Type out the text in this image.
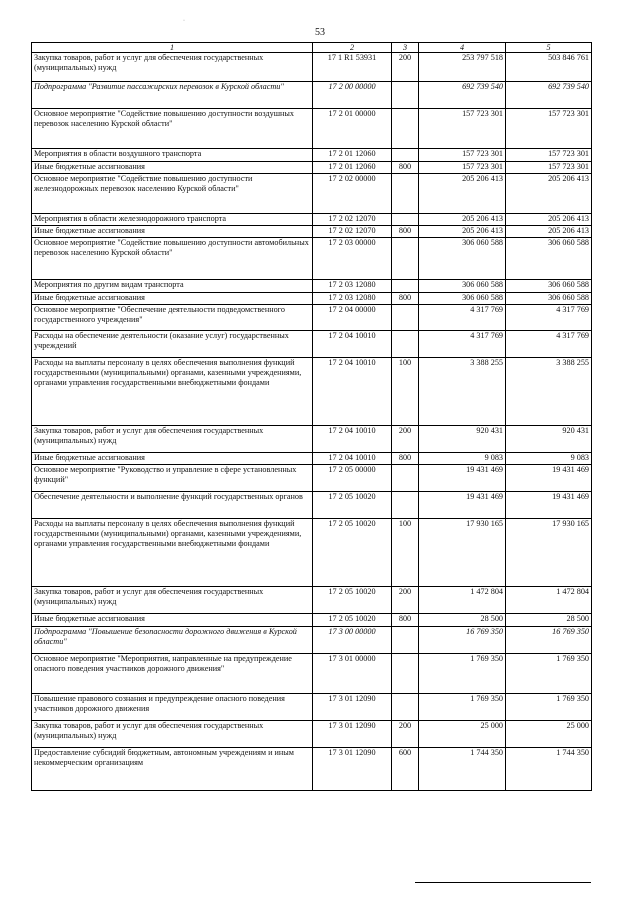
·
53
1	2	3	4	5
Закупка товаров, работ и услуг для обеспечения государственных (муниципальных) нужд	17 1 R1 53931	200	253 797 518	503 846 761
Подпрограмма "Развитие пассажирских перевозок в Курской области"	17 2 00 00000		692 739 540	692 739 540
Основное мероприятие "Содействие повышению доступности воздушных перевозок населению Курской области"	17 2 01 00000		157 723 301	157 723 301
Мероприятия в области воздушного транспорта	17 2 01 12060		157 723 301	157 723 301
Иные бюджетные ассигнования	17 2 01 12060	800	157 723 301	157 723 301
Основное мероприятие "Содействие повышению доступности железнодорожных перевозок населению Курской области"	17 2 02 00000		205 206 413	205 206 413
Мероприятия в области железнодорожного транспорта	17 2 02 12070		205 206 413	205 206 413
Иные бюджетные ассигнования	17 2 02 12070	800	205 206 413	205 206 413
Основное мероприятие "Содействие повышению доступности автомобильных перевозок населению Курской области"	17 2 03 00000		306 060 588	306 060 588
Мероприятия по другим видам транспорта	17 2 03 12080		306 060 588	306 060 588
Иные бюджетные ассигнования	17 2 03 12080	800	306 060 588	306 060 588
Основное мероприятие "Обеспечение деятельности подведомственного государственного учреждения"	17 2 04 00000		4 317 769	4 317 769
Расходы на обеспечение деятельности (оказание услуг) государственных учреждений	17 2 04 10010		4 317 769	4 317 769
Расходы на выплаты персоналу в целях обеспечения выполнения функций государственными (муниципальными) органами, казенными учреждениями, органами управления государственными внебюджетными фондами	17 2 04 10010	100	3 388 255	3 388 255
Закупка товаров, работ и услуг для обеспечения государственных (муниципальных) нужд	17 2 04 10010	200	920 431	920 431
Иные бюджетные ассигнования	17 2 04 10010	800	9 083	9 083
Основное мероприятие "Руководство и управление в сфере установленных функций"	17 2 05 00000		19 431 469	19 431 469
Обеспечение деятельности и выполнение функций государственных органов	17 2 05 10020		19 431 469	19 431 469
Расходы на выплаты персоналу в целях обеспечения выполнения функций государственными (муниципальными) органами, казенными учреждениями, органами управления государственными внебюджетными фондами	17 2 05 10020	100	17 930 165	17 930 165
Закупка товаров, работ и услуг для обеспечения государственных (муниципальных) нужд	17 2 05 10020	200	1 472 804	1 472 804
Иные бюджетные ассигнования	17 2 05 10020	800	28 500	28 500
Подпрограмма "Повышение безопасности дорожного движения в Курской области"	17 3 00 00000		16 769 350	16 769 350
Основное мероприятие "Мероприятия, направленные на предупреждение опасного поведения участников дорожного движения"	17 3 01 00000		1 769 350	1 769 350
Повышение правового сознания и предупреждение опасного поведения участников дорожного движения	17 3 01 12090		1 769 350	1 769 350
Закупка товаров, работ и услуг для обеспечения государственных (муниципальных) нужд	17 3 01 12090	200	25 000	25 000
Предоставление субсидий бюджетным, автономным учреждениям и иным некоммерческим организациям	17 3 01 12090	600	1 744 350	1 744 350
